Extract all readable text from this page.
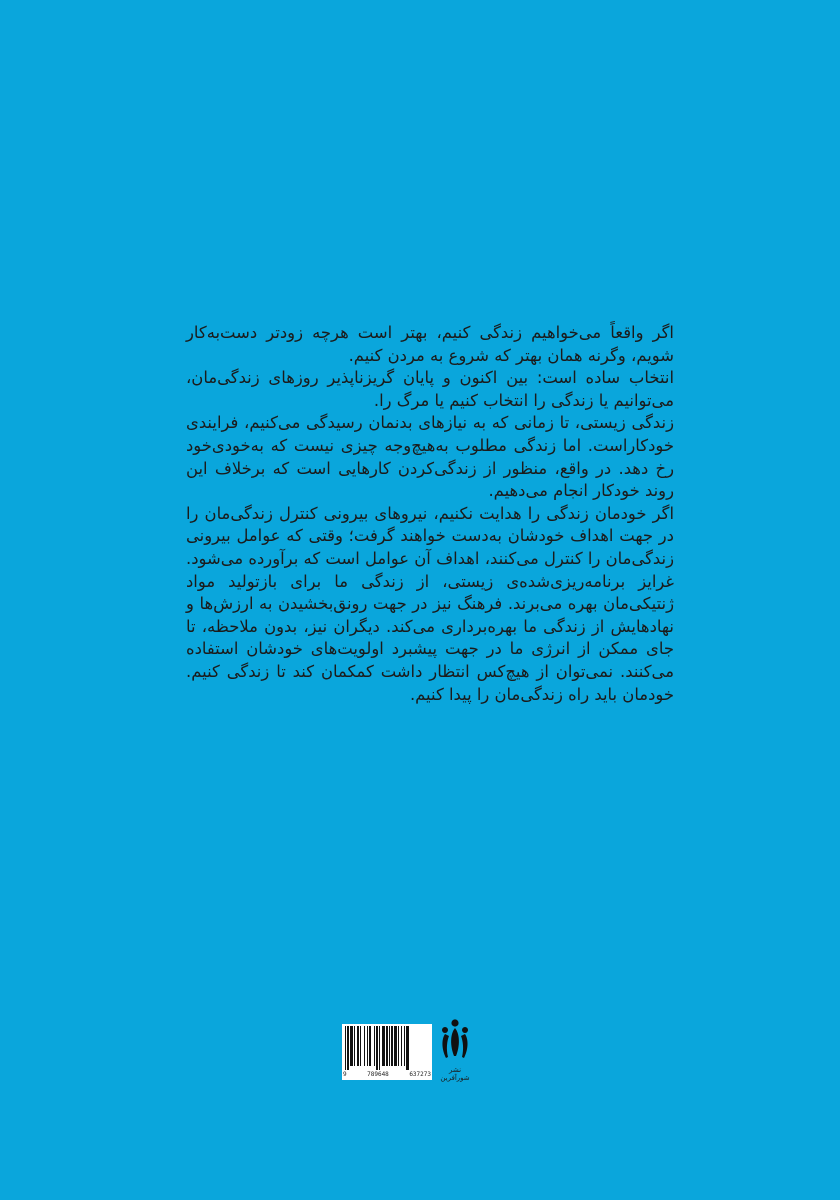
اگر واقعاً می‌خواهیم زندگی کنیم، بهتر است هرچه زودتر دست‌به‌کار شویم، وگرنه همان بهتر که شروع به مردن کنیم.

انتخاب ساده است: بین اکنون و پایان گریزناپذیر روزهای زندگی‌مان، می‌توانیم یا زندگی را انتخاب کنیم یا مرگ را.

زندگی زیستی، تا زمانی که به نیازهای بدنمان رسیدگی می‌کنیم، فرایندی خودکاراست. اما زندگی مطلوب به‌هیچ‌وجه چیزی نیست که به‌خودی‌خود رخ دهد. در واقع، منظور از زندگی‌کردن کارهایی است که برخلاف این روند خودکار انجام می‌دهیم.

اگر خودمان زندگی را هدایت نکنیم، نیروهای بیرونی کنترل زندگی‌مان را در جهت اهداف خودشان به‌دست خواهند گرفت؛ وقتی که عوامل بیرونی زندگی‌مان را کنترل می‌کنند، اهداف آن عوامل است که برآورده می‌شود. غرایز برنامه‌ریزی‌شده‌ی زیستی، از زندگی ما برای بازتولید مواد ژنتیکی‌مان بهره می‌برند. فرهنگ نیز در جهت رونق‌بخشیدن به ارزش‌ها و نهادهایش از زندگی ما بهره‌برداری می‌کند. دیگران نیز، بدون ملاحظه، تا جای ممکن از انرژی ما در جهت پیشبرد اولویت‌های خودشان استفاده می‌کنند. نمی‌توان از هیچ‌کس انتظار داشت کمکمان کند تا زندگی کنیم. خودمان باید راه زندگی‌مان را پیدا کنیم.

9	789648	637273
نشر شورآفرین
